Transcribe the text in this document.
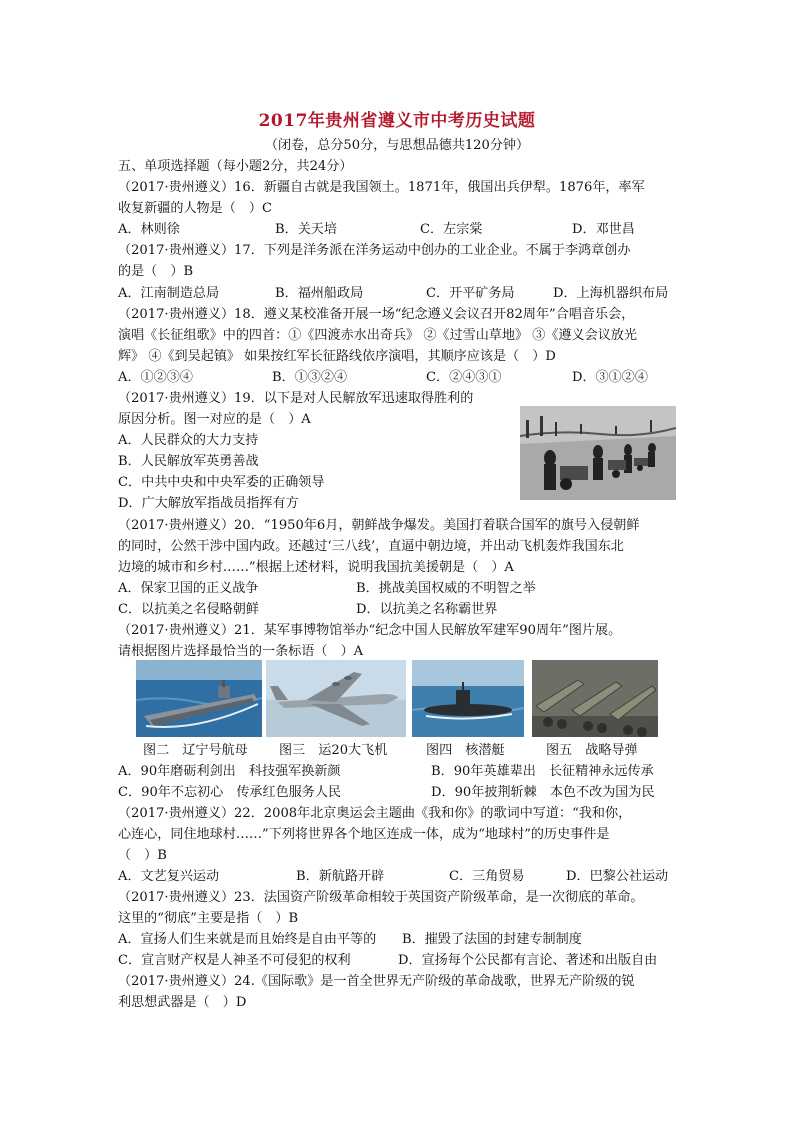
2017年贵州省遵义市中考历史试题
（闭卷，总分50分，与思想品德共120分钟）
五、单项选择题（每小题2分，共24分）
（2017·贵州遵义）16．新疆自古就是我国领土。1871年，俄国出兵伊犁。1876年，率军
收复新疆的人物是（　）C
A．林则徐	B．关天培	C．左宗棠	D．邓世昌
（2017·贵州遵义）17．下列是洋务派在洋务运动中创办的工业企业。不属于李鸿章创办
的是（　）B
A．江南制造总局	B．福州船政局	C．开平矿务局	D．上海机器织布局
（2017·贵州遵义）18．遵义某校准备开展一场“纪念遵义会议召开82周年”合唱音乐会，
演唱《长征组歌》中的四首：①《四渡赤水出奇兵》 ②《过雪山草地》 ③《遵义会议放光
辉》 ④《到吴起镇》 如果按红军长征路线依序演唱，其顺序应该是（　）D
A．①②③④	B．①③②④	C．②④③①	D．③①②④
（2017·贵州遵义）19．以下是对人民解放军迅速取得胜利的
原因分析。图一对应的是（　）A
A．人民群众的大力支持
B．人民解放军英勇善战
C．中共中央和中央军委的正确领导
D．广大解放军指战员指挥有方
（2017·贵州遵义）20．“1950年6月，朝鲜战争爆发。美国打着联合国军的旗号入侵朝鲜
的同时，公然干涉中国内政。还越过‘三八线’，直逼中朝边境，并出动飞机轰炸我国东北
边境的城市和乡村……”根据上述材料，说明我国抗美援朝是（　）A
A．保家卫国的正义战争	B．挑战美国权威的不明智之举
C．以抗美之名侵略朝鲜	D．以抗美之名称霸世界
（2017·贵州遵义）21．某军事博物馆举办“纪念中国人民解放军建军90周年”图片展。
请根据图片选择最恰当的一条标语（　）A
图二　辽宁号航母 图三　运20大飞机	图四　核潜艇	图五　战略导弹
A．90年磨砺利剑出　科技强军换新颜	B．90年英雄辈出　长征精神永远传承
C．90年不忘初心　传承红色服务人民	D．90年披荆斩棘　本色不改为国为民
（2017·贵州遵义）22．2008年北京奥运会主题曲《我和你》的歌词中写道：“我和你，
心连心，同住地球村……”下列将世界各个地区连成一体，成为“地球村”的历史事件是
（　）B
A．文艺复兴运动	B．新航路开辟	C．三角贸易	D．巴黎公社运动
（2017·贵州遵义）23．法国资产阶级革命相较于英国资产阶级革命，是一次彻底的革命。
这里的“彻底”主要是指（　）B
A．宣扬人们生来就是而且始终是自由平等的 B．摧毁了法国的封建专制制度
C．宣言财产权是人神圣不可侵犯的权利	D．宣扬每个公民都有言论、著述和出版自由
（2017·贵州遵义）24.《国际歌》是一首全世界无产阶级的革命战歌，世界无产阶级的锐
利思想武器是（　）D
